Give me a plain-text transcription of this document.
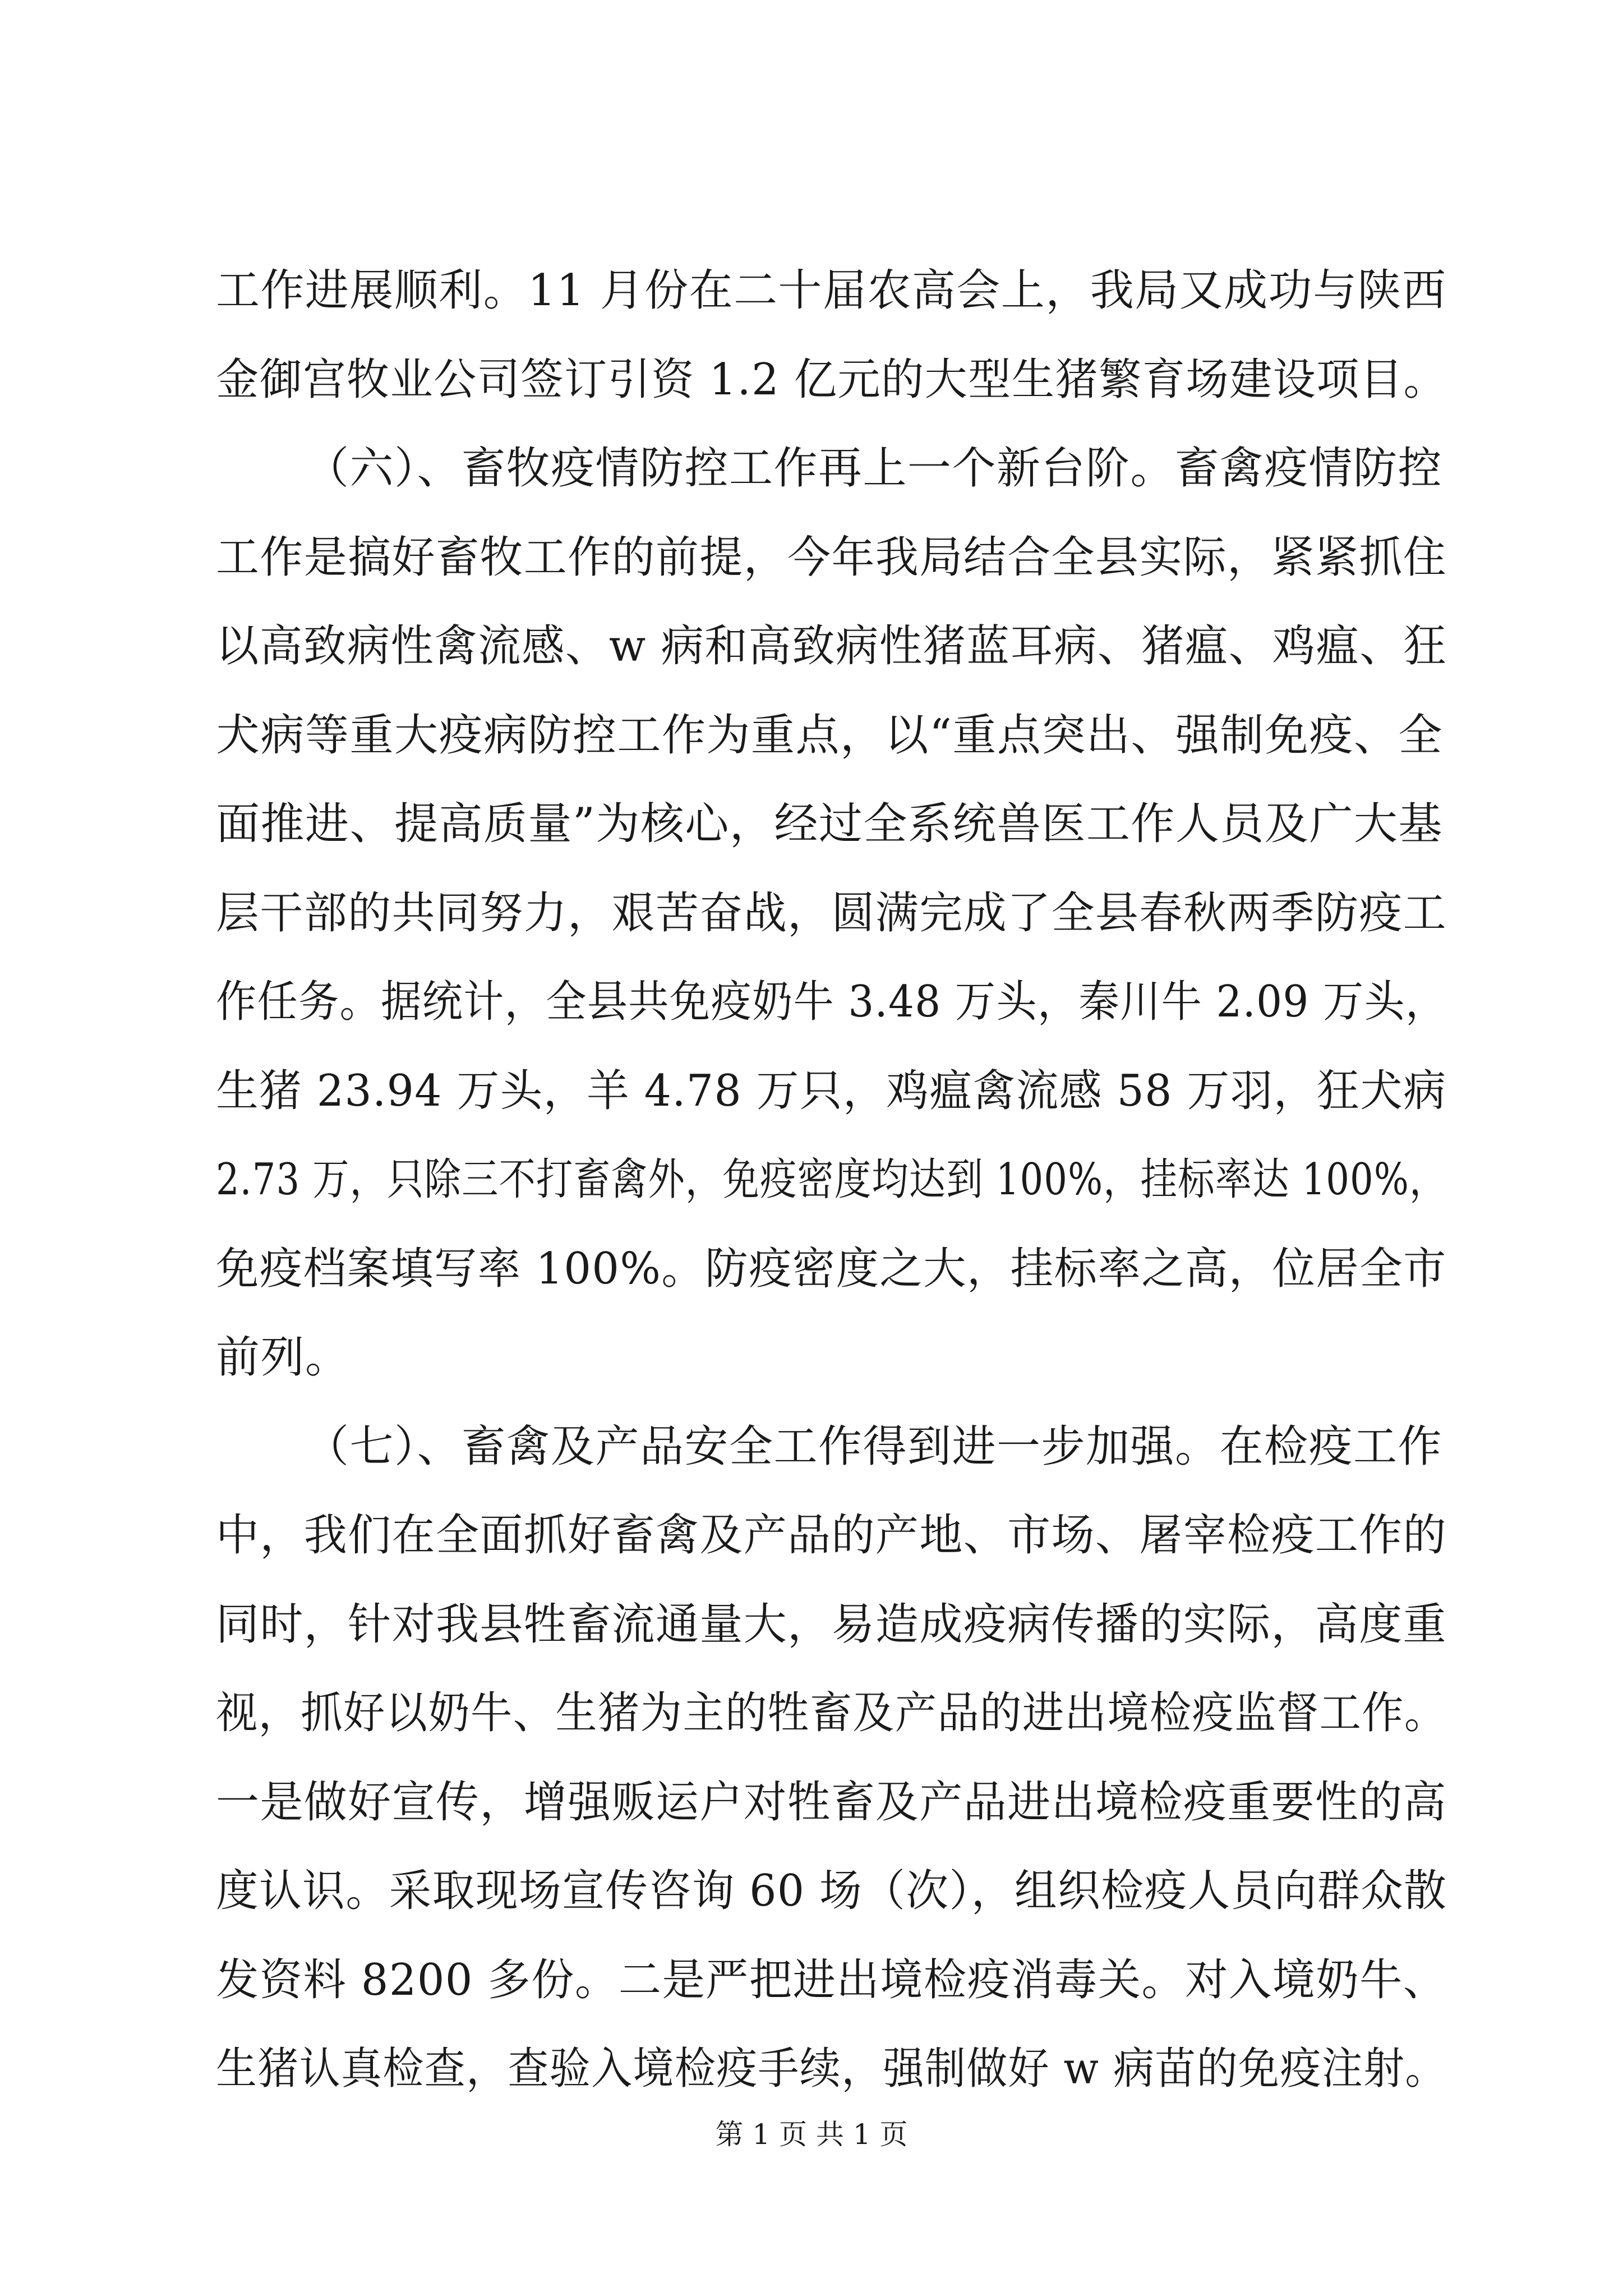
工作进展顺利。11 月份在二十届农高会上，我局又成功与陕西
金御宫牧业公司签订引资 1.2 亿元的大型生猪繁育场建设项目。
（六）、畜牧疫情防控工作再上一个新台阶。畜禽疫情防控
工作是搞好畜牧工作的前提，今年我局结合全县实际，紧紧抓住
以高致病性禽流感、w 病和高致病性猪蓝耳病、猪瘟、鸡瘟、狂
犬病等重大疫病防控工作为重点，以“重点突出、强制免疫、全
面推进、提高质量”为核心，经过全系统兽医工作人员及广大基
层干部的共同努力，艰苦奋战，圆满完成了全县春秋两季防疫工
作任务。据统计，全县共免疫奶牛 3.48 万头，秦川牛 2.09 万头，
生猪 23.94 万头，羊 4.78 万只，鸡瘟禽流感 58 万羽，狂犬病
2.73 万，只除三不打畜禽外，免疫密度均达到 100%，挂标率达 100%，
免疫档案填写率 100%。防疫密度之大，挂标率之高，位居全市
前列。
（七）、畜禽及产品安全工作得到进一步加强。在检疫工作
中，我们在全面抓好畜禽及产品的产地、市场、屠宰检疫工作的
同时，针对我县牲畜流通量大，易造成疫病传播的实际，高度重
视，抓好以奶牛、生猪为主的牲畜及产品的进出境检疫监督工作。
一是做好宣传，增强贩运户对牲畜及产品进出境检疫重要性的高
度认识。采取现场宣传咨询 60 场（次），组织检疫人员向群众散
发资料 8200 多份。二是严把进出境检疫消毒关。对入境奶牛、
生猪认真检查，查验入境检疫手续，强制做好 w 病苗的免疫注射。
第 1 页 共 1 页
